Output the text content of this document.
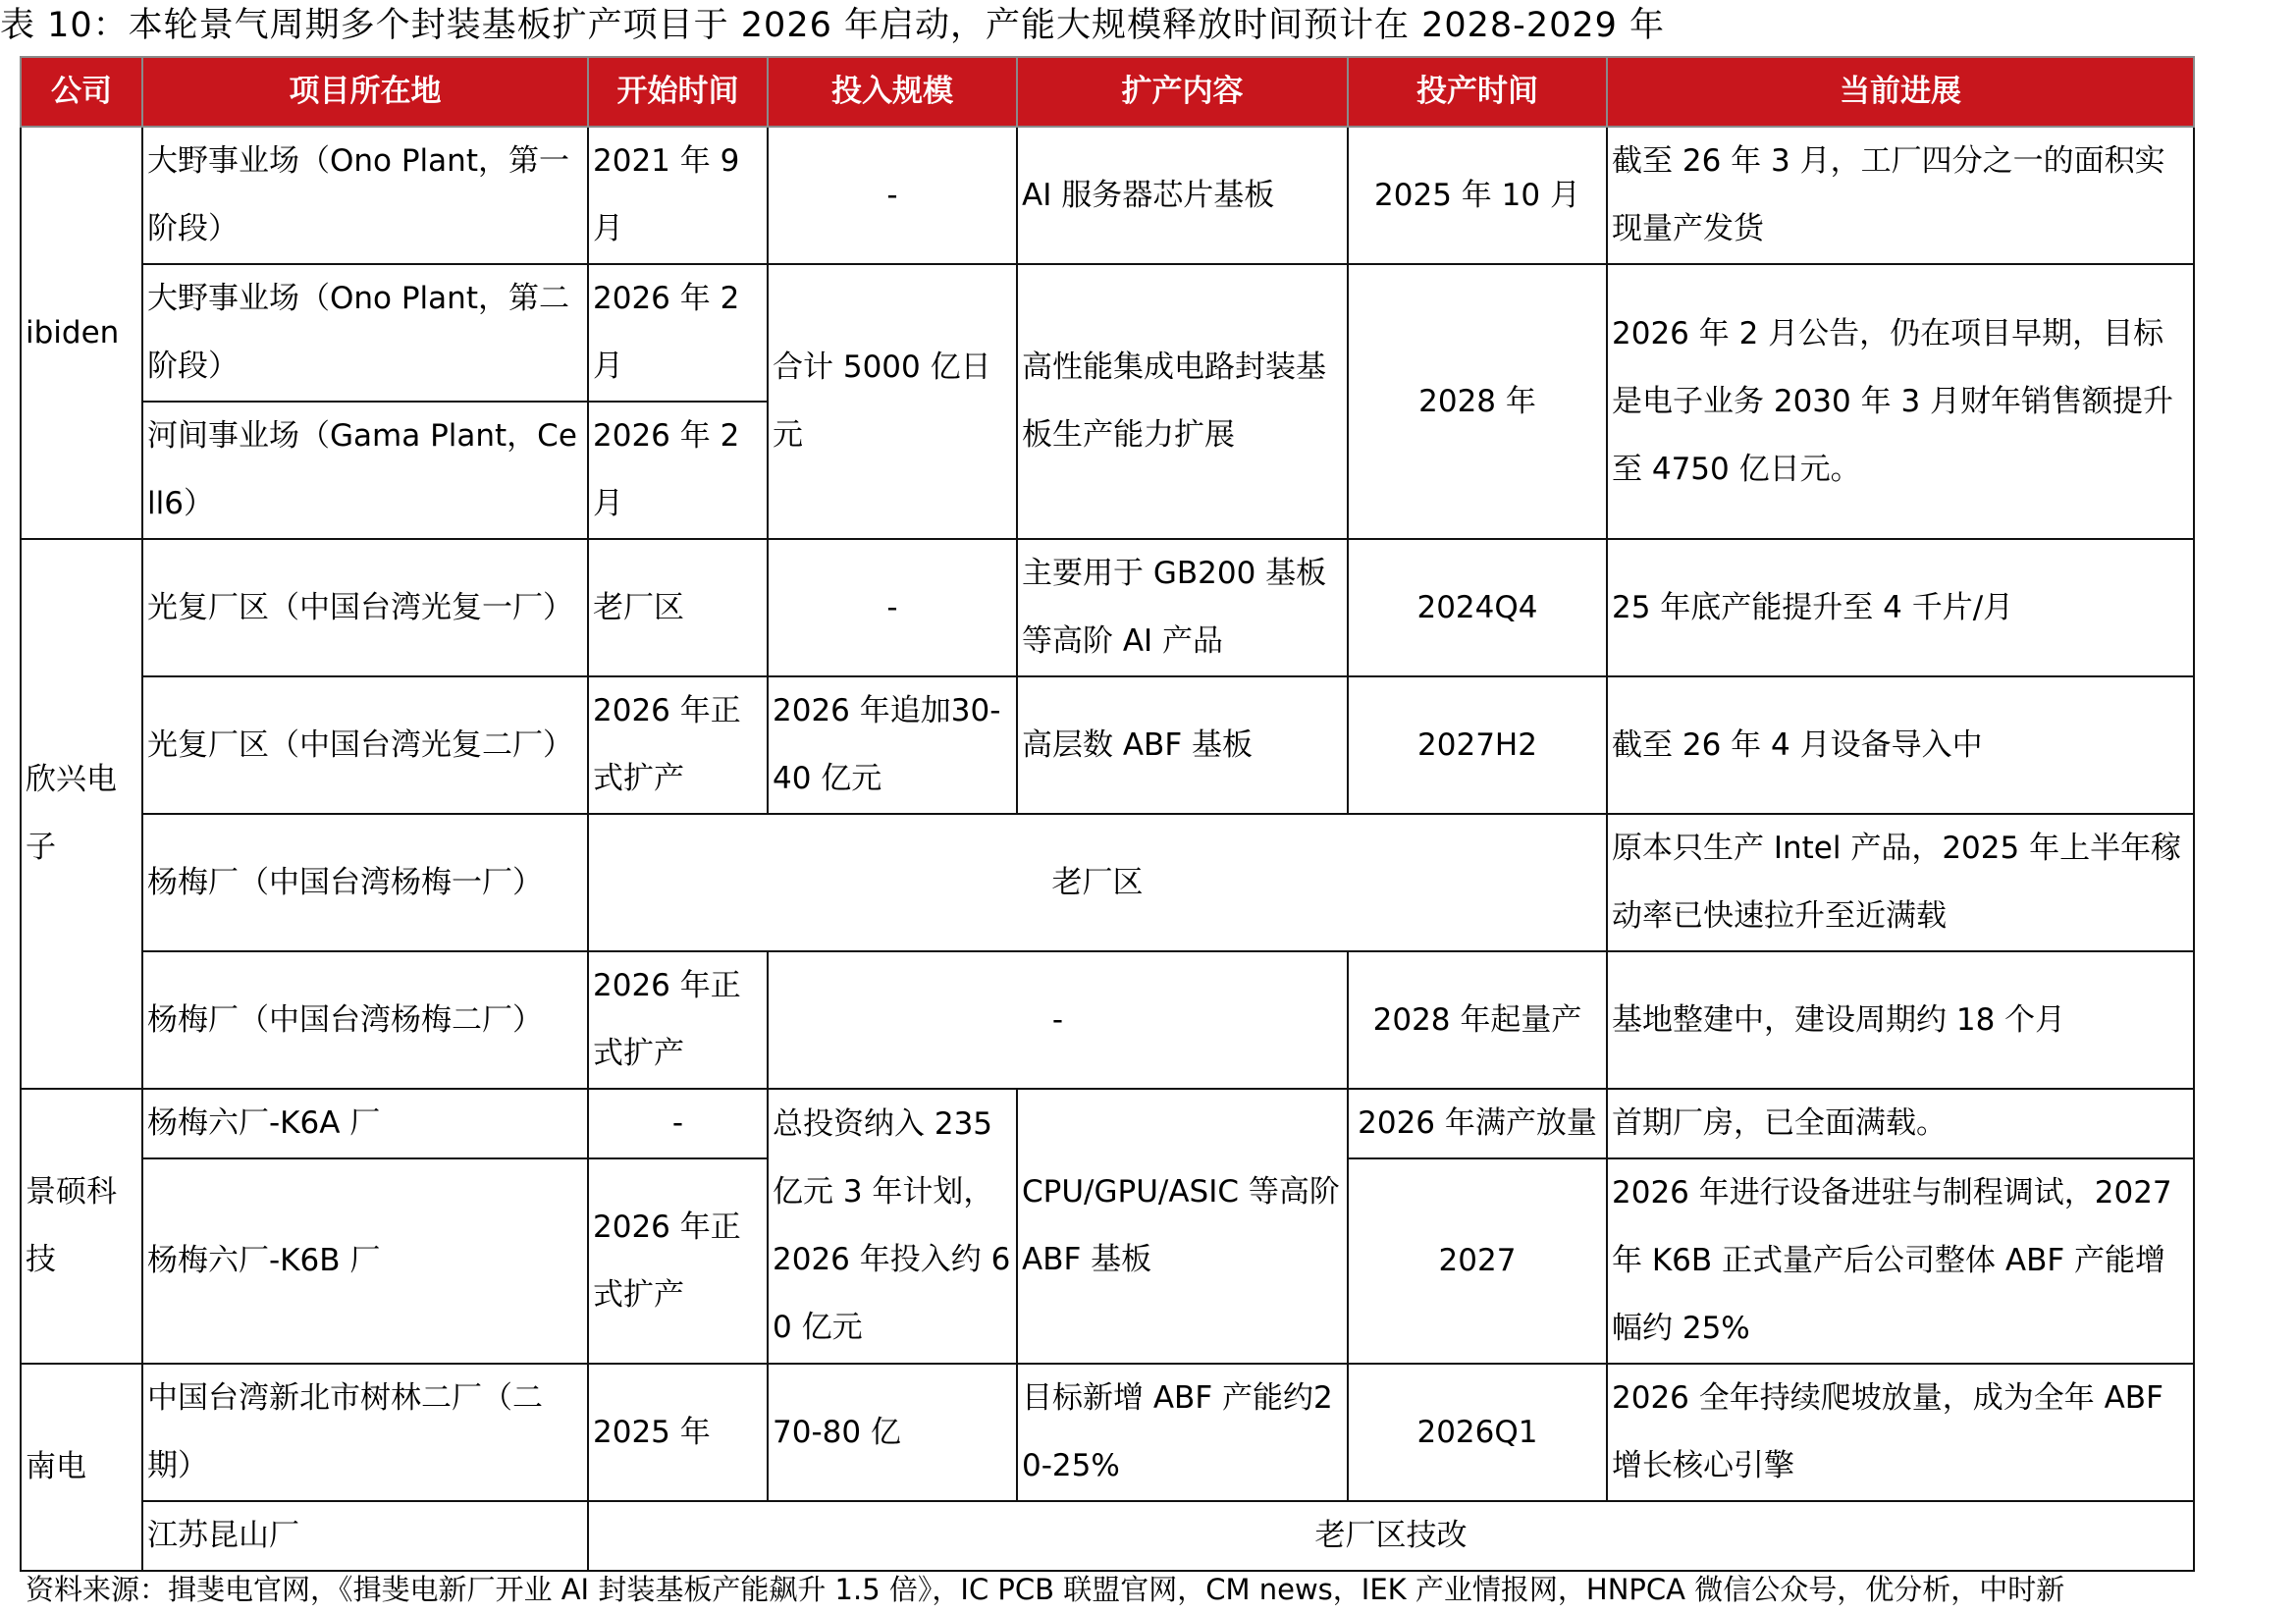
表 10：本轮景气周期多个封装基板扩产项目于 2026 年启动，产能大规模释放时间预计在 2028-2029 年
公司	项目所在地	开始时间	投入规模	扩产内容	投产时间	当前进展
ibiden	大野事业场（Ono Plant，第一阶段）	2021 年 9 月	-	AI 服务器芯片基板	2025 年 10 月	截至 26 年 3 月，工厂四分之一的面积实现量产发货
	大野事业场（Ono Plant，第二阶段）	2026 年 2 月	合计 5000 亿日元	高性能集成电路封装基板生产能力扩展	2028 年	2026 年 2 月公告，仍在项目早期，目标是电子业务 2030 年 3 月财年销售额提升至 4750 亿日元。
	河间事业场（Gama Plant，Cell6）	2026 年 2 月				
欣兴电子	光复厂区（中国台湾光复一厂）	老厂区	-	主要用于 GB200 基板等高阶 AI 产品	2024Q4	25 年底产能提升至 4 千片/月
	光复厂区（中国台湾光复二厂）	2026 年正式扩产	2026 年追加30-40 亿元	高层数 ABF 基板	2027H2	截至 26 年 4 月设备导入中
	杨梅厂（中国台湾杨梅一厂）	老厂区				原本只生产 Intel 产品，2025 年上半年稼动率已快速拉升至近满载
	杨梅厂（中国台湾杨梅二厂）	2026 年正式扩产	-		2028 年起量产	基地整建中，建设周期约 18 个月
景硕科技	杨梅六厂-K6A 厂	-	总投资纳入 235 亿元 3 年计划，2026 年投入约 60 亿元	CPU/GPU/ASIC 等高阶 ABF 基板	2026 年满产放量	首期厂房，已全面满载。
	杨梅六厂-K6B 厂	2026 年正式扩产			2027	2026 年进行设备进驻与制程调试，2027 年 K6B 正式量产后公司整体 ABF 产能增幅约 25%
南电	中国台湾新北市树林二厂（二期）	2025 年	70-80 亿	目标新增 ABF 产能约20-25%	2026Q1	2026 全年持续爬坡放量，成为全年 ABF 增长核心引擎
	江苏昆山厂	老厂区技改				
资料来源：揖斐电官网，《揖斐电新厂开业 AI 封装基板产能飙升 1.5 倍》，IC PCB 联盟官网，CM news，IEK 产业情报网，HNPCA 微信公众号，优分析，中时新
